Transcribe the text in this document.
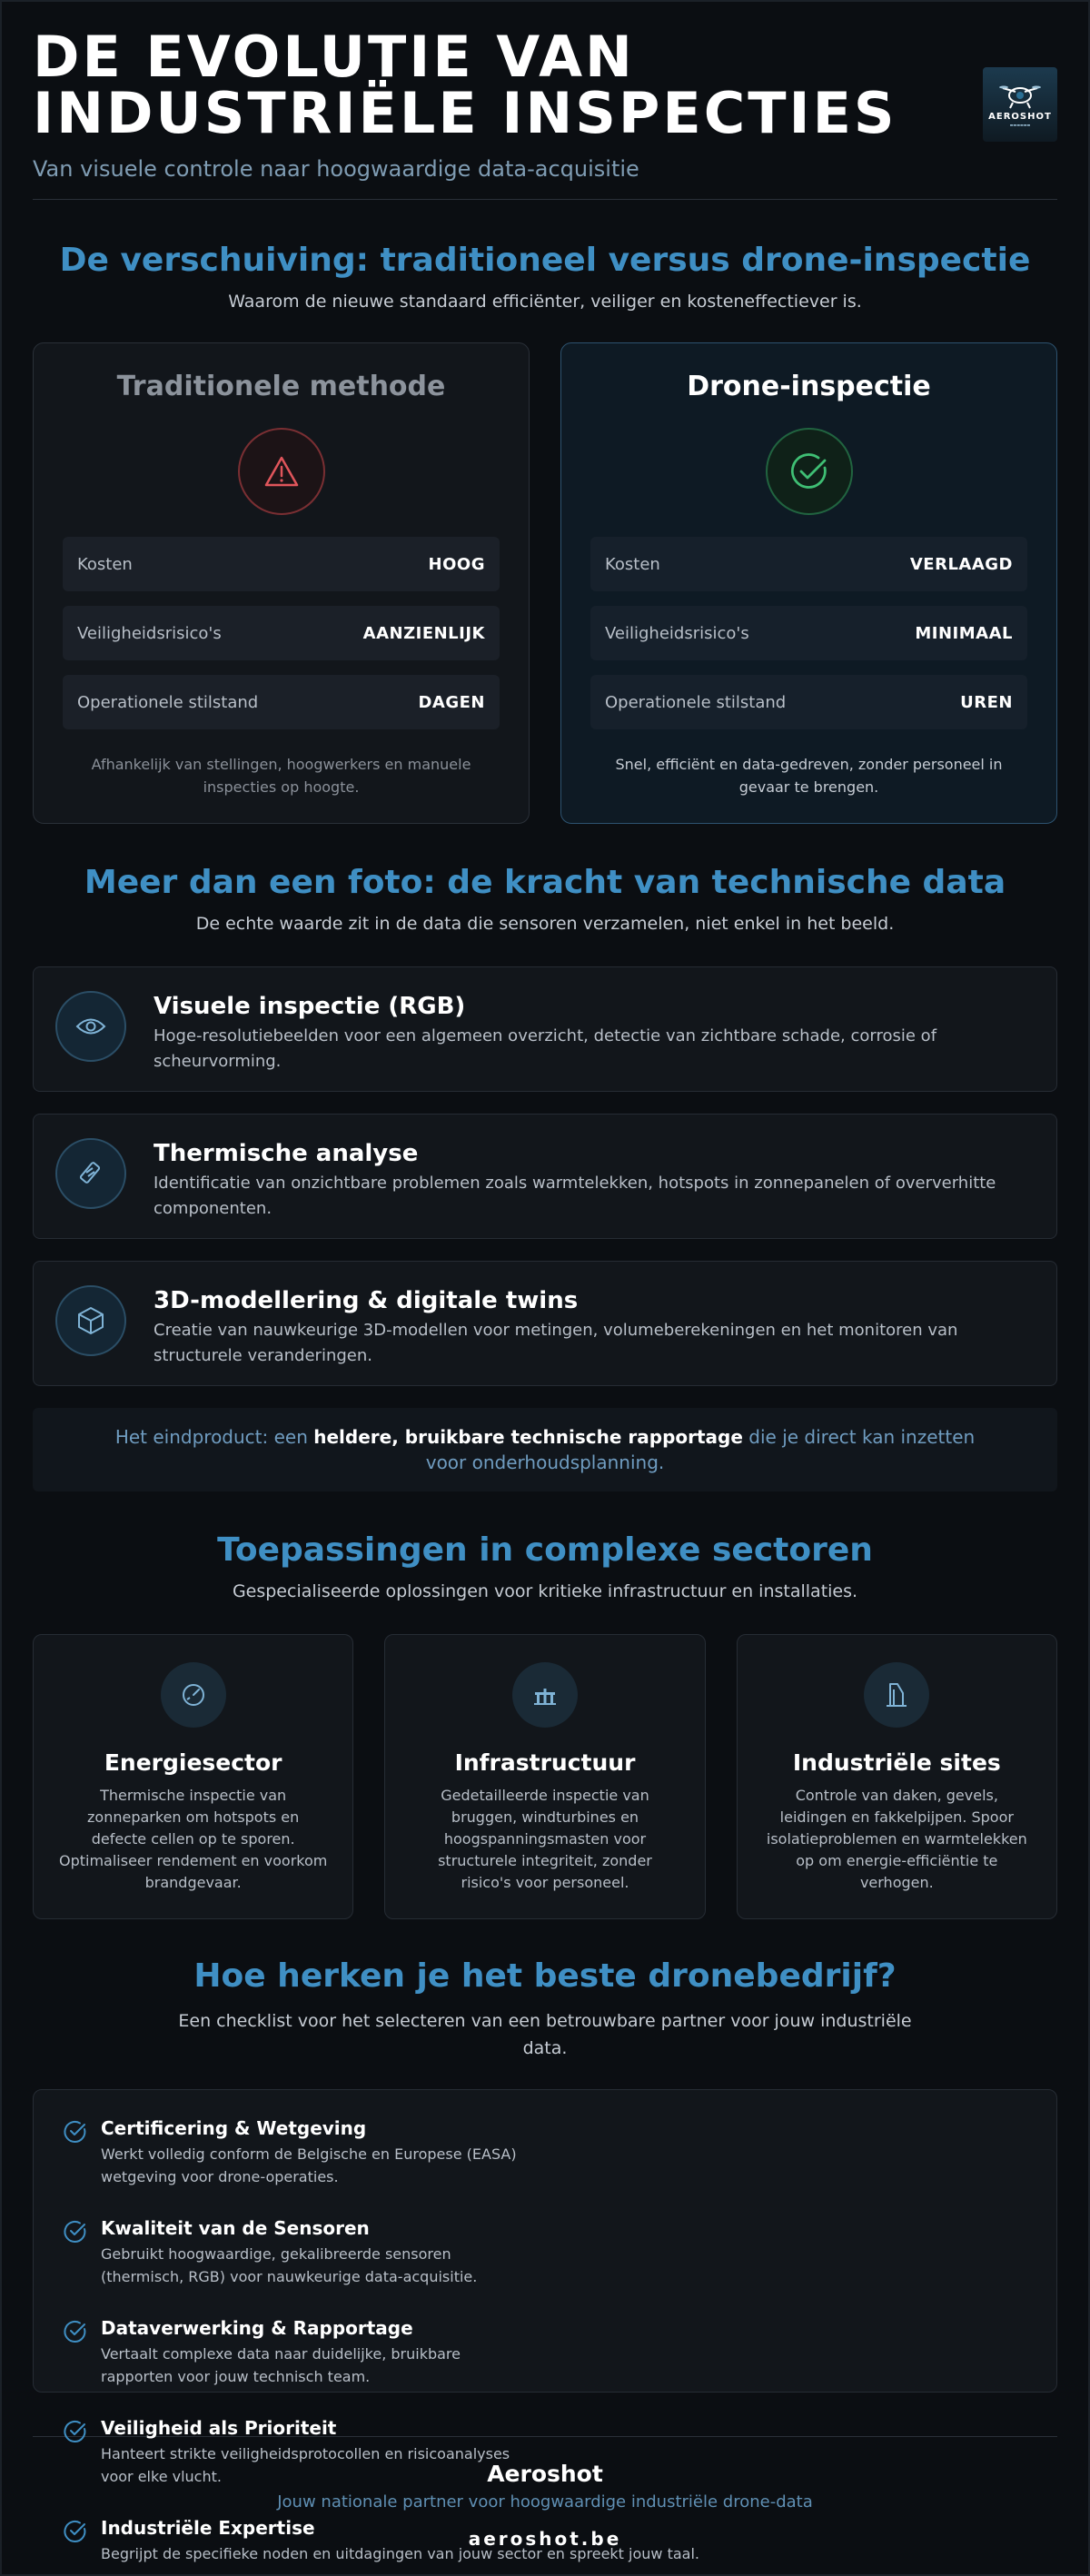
DE EVOLUTIE VAN
INDUSTRIËLE INSPECTIES
Van visuele controle naar hoogwaardige data-acquisitie
AEROSHOT
▬▬▬▬▬▬
De verschuiving: traditioneel versus drone-inspectie
Waarom de nieuwe standaard efficiënter, veiliger en kosteneffectiever is.
Traditionele methode
Kosten	HOOG
Veiligheidsrisico's	AANZIENLIJK
Operationele stilstand	DAGEN
Afhankelijk van stellingen, hoogwerkers en manuele inspecties op hoogte.
Drone-inspectie
Kosten	VERLAAGD
Veiligheidsrisico's	MINIMAAL
Operationele stilstand	UREN
Snel, efficiënt en data-gedreven, zonder personeel in gevaar te brengen.
Meer dan een foto: de kracht van technische data
De echte waarde zit in de data die sensoren verzamelen, niet enkel in het beeld.
Visuele inspectie (RGB)
Hoge-resolutiebeelden voor een algemeen overzicht, detectie van zichtbare schade, corrosie of scheurvorming.
Thermische analyse
Identificatie van onzichtbare problemen zoals warmtelekken, hotspots in zonnepanelen of oververhitte componenten.
3D-modellering & digitale twins
Creatie van nauwkeurige 3D-modellen voor metingen, volumeberekeningen en het monitoren van structurele veranderingen.
Het eindproduct: een heldere, bruikbare technische rapportage die je direct kan inzetten voor onderhoudsplanning.
Toepassingen in complexe sectoren
Gespecialiseerde oplossingen voor kritieke infrastructuur en installaties.
Energiesector
Thermische inspectie van zonneparken om hotspots en defecte cellen op te sporen. Optimaliseer rendement en voorkom brandgevaar.
Infrastructuur
Gedetailleerde inspectie van bruggen, windturbines en hoogspanningsmasten voor structurele integriteit, zonder risico's voor personeel.
Industriële sites
Controle van daken, gevels, leidingen en fakkelpijpen. Spoor isolatieproblemen en warmtelekken op om energie-efficiëntie te verhogen.
Hoe herken je het beste dronebedrijf?
Een checklist voor het selecteren van een betrouwbare partner voor jouw industriële data.
Certificering & Wetgeving
Werkt volledig conform de Belgische en Europese (EASA) wetgeving voor drone-operaties.
Kwaliteit van de Sensoren
Gebruikt hoogwaardige, gekalibreerde sensoren (thermisch, RGB) voor nauwkeurige data-acquisitie.
Dataverwerking & Rapportage
Vertaalt complexe data naar duidelijke, bruikbare rapporten voor jouw technisch team.
Veiligheid als Prioriteit
Hanteert strikte veiligheidsprotocollen en risicoanalyses voor elke vlucht.
Industriële Expertise
Begrijpt de specifieke noden en uitdagingen van jouw sector en spreekt jouw taal.
Aeroshot
Jouw nationale partner voor hoogwaardige industriële drone-data
aeroshot.be
